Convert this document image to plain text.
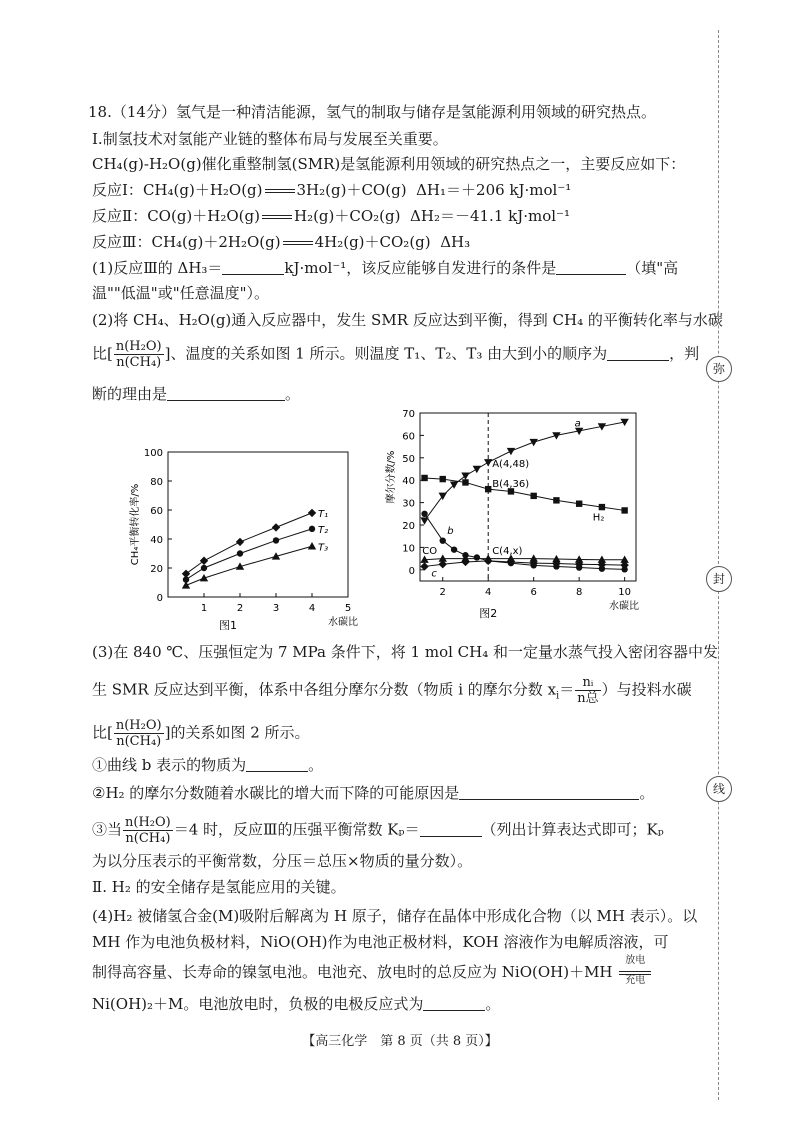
18.（14分）氢气是一种清洁能源，氢气的制取与储存是氢能源利用领域的研究热点。
Ⅰ.制氢技术对氢能产业链的整体布局与发展至关重要。
CH₄(g)-H₂O(g)催化重整制氢(SMR)是氢能源利用领域的研究热点之一，主要反应如下：
反应Ⅰ：CH₄(g)＋H₂O(g) 3H₂(g)＋CO(g) ΔH₁＝＋206 kJ·mol⁻¹
反应Ⅱ：CO(g)＋H₂O(g) H₂(g)＋CO₂(g) ΔH₂＝－41.1 kJ·mol⁻¹
反应Ⅲ：CH₄(g)＋2H₂O(g) 4H₂(g)＋CO₂(g) ΔH₃
(1)反应Ⅲ的 ΔH₃＝	kJ·mol⁻¹，该反应能够自发进行的条件是	（填"高
温""低温"或"任意温度"）。
(2)将 CH₄、H₂O(g)通入反应器中，发生 SMR 反应达到平衡，得到 CH₄ 的平衡转化率与水碳
比[ $\frac{\text{n(H₂O)}}{\text{n(CH₄)}}$ ]、温度的关系如图 1 所示。则温度 T₁、T₂、T₃ 由大到小的顺序为	，判
断的理由是	。
0
20
40
60
80
100
1	2	3	4	5
水碳比
CH₄平衡转化率/%
图1
T₁
T₂
T₃
0
10
20
30
40
50
60
70
2	4	6	8	10
水碳比
摩尔分数/%
图2
a
H₂
b
CO
c
A(4,48)
B(4,36)
C(4,x)
(3)在 840 ℃、压强恒定为 7 MPa 条件下，将 1 mol CH₄ 和一定量水蒸气投入密闭容器中发
生 SMR 反应达到平衡，体系中各组分摩尔分数（物质 i 的摩尔分数 $x_i= \frac{\text{nᵢ}}{\text{n总}}$ ）与投料水碳
比[ $\frac{\text{n(H₂O)}}{\text{n(CH₄)}}$ ]的关系如图 2 所示。
①曲线 b 表示的物质为	。
②H₂ 的摩尔分数随着水碳比的增大而下降的可能原因是	。
③当 $\frac{\text{n(H₂O)}}{\text{n(CH₄)}} =4$ 时，反应Ⅲ的压强平衡常数 Kₚ＝	（列出计算表达式即可；Kₚ
为以分压表示的平衡常数，分压＝总压×物质的量分数）。
Ⅱ. H₂ 的安全储存是氢能应用的关键。
(4)H₂ 被储氢合金(M)吸附后解离为 H 原子，储存在晶体中形成化合物（以 MH 表示）。以
MH 作为电池负极材料，NiO(OH)作为电池正极材料，KOH 溶液作为电解质溶液，可
制得高容量、长寿命的镍氢电池。电池充、放电时的总反应为 NiO(OH)＋MH
放电
充电
Ni(OH)₂＋M。电池放电时，负极的电极反应式为	。
【高三化学　第 8 页（共 8 页）】
弥
封
线
